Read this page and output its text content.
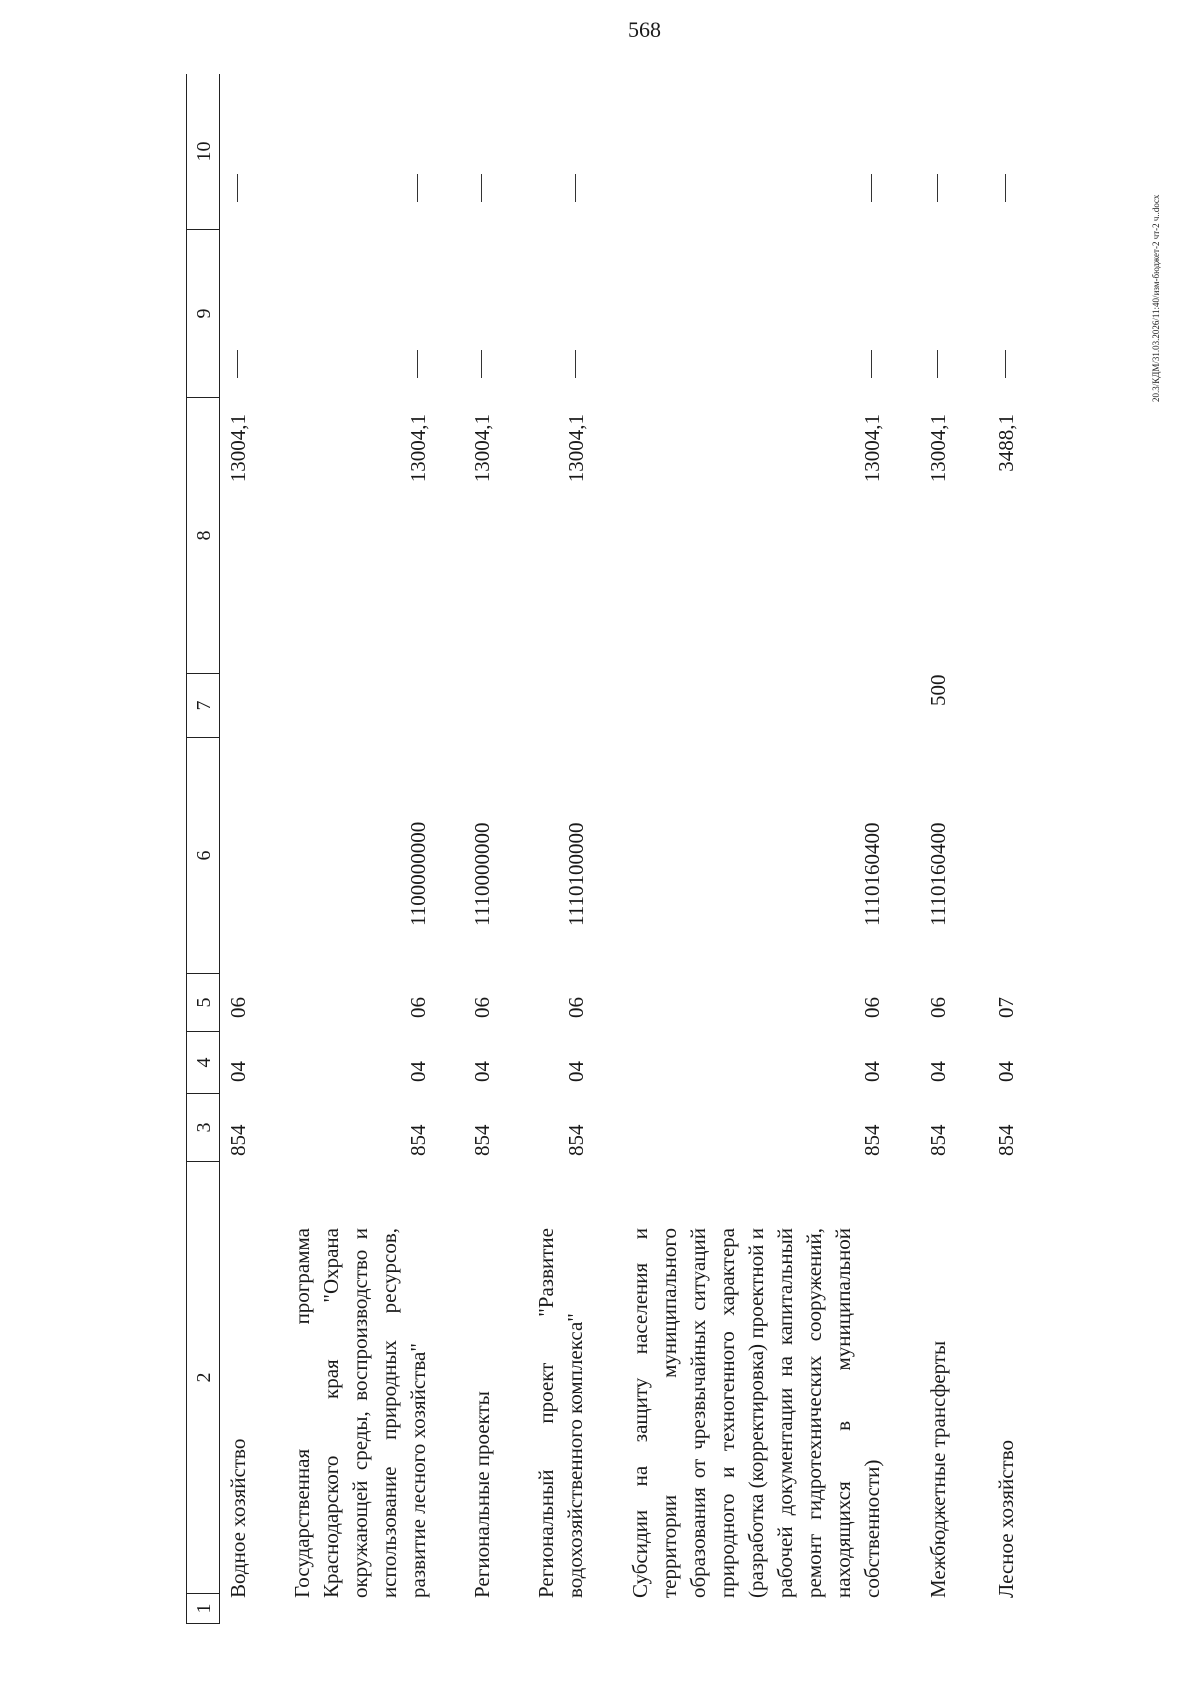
568
20.3/КДМ/31.03.2026/11:40/изм-бюджет-2 чт-2 ч..docx
1
2
3
4
5
6
7
8
9
10
Водное хозяйство
854
04
06
13004,1
Государственная программа Краснодарского края "Охрана окружающей среды, воспроизводство и использование природных ресурсов, развитие лесного хозяйства"
854
04
06
1100000000
13004,1
Региональные проекты
854
04
06
1110000000
13004,1
Региональный проект "Развитие водохозяйственного комплекса"
854
04
06
1110100000
13004,1
Субсидии на защиту населения и территории муниципального образования от чрезвычайных ситуаций природного и техногенного характера (разработка (корректировка) проектной и рабочей документации на капитальный ремонт гидротехнических сооружений, находящихся в муниципальной собственности)
854
04
06
1110160400
13004,1
Межбюджетные трансферты
854
04
06
1110160400
500
13004,1
Лесное хозяйство
854
04
07
3488,1
